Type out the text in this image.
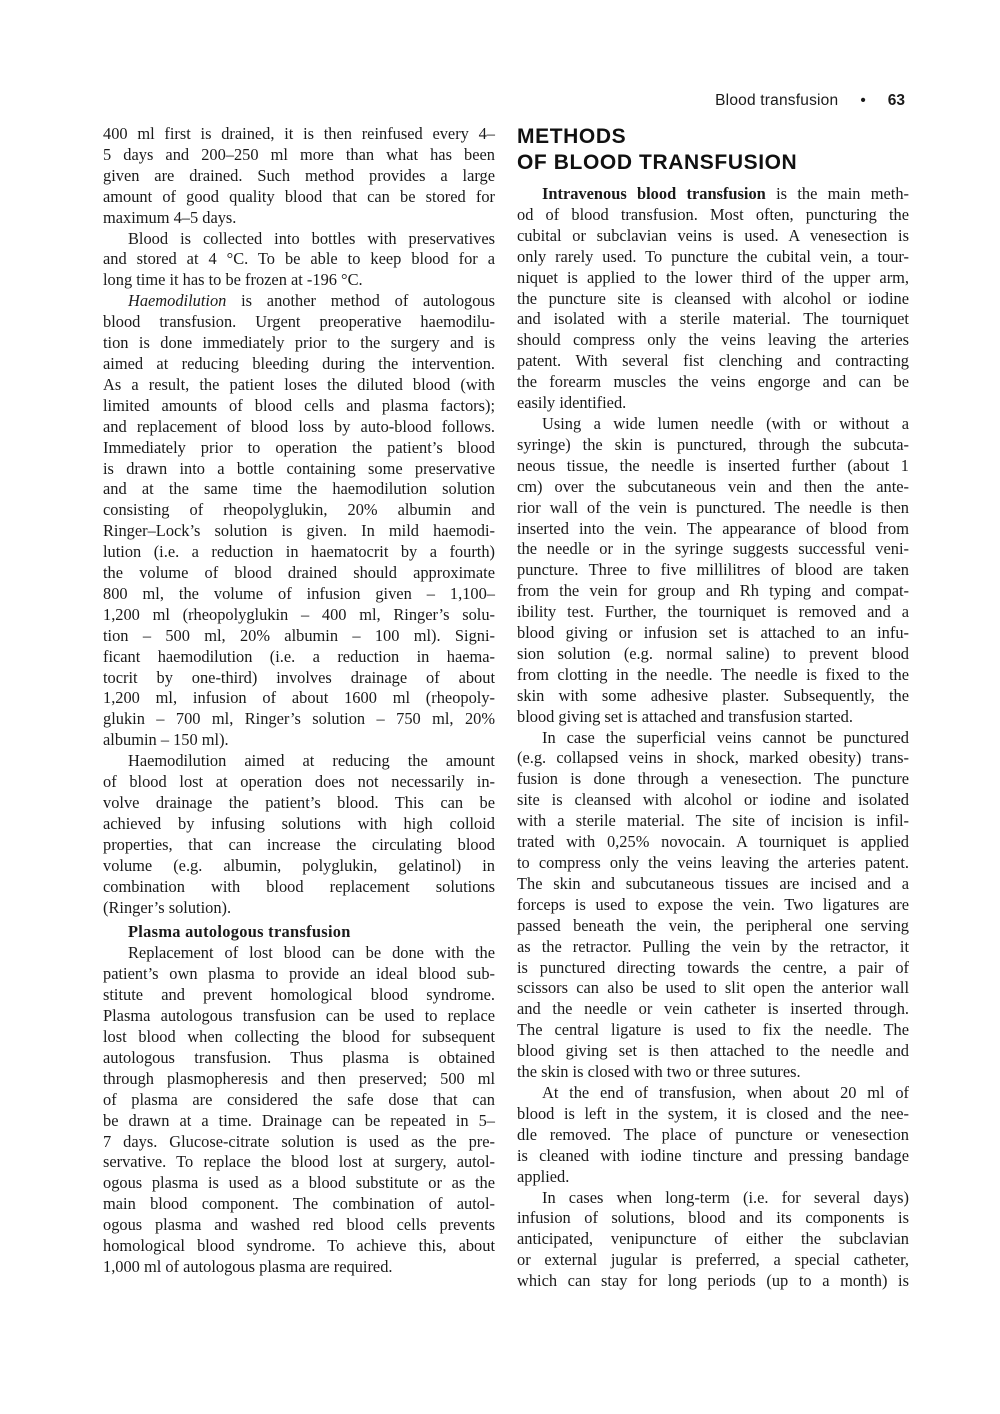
Blood transfusion • 63
METHODS
OF BLOOD TRANSFUSION
400 ml first is drained, it is then reinfused every 4–
5 days and 200–250 ml more than what has been
given are drained. Such method provides a large
amount of good quality blood that can be stored for
maximum 4–5 days.
Blood is collected into bottles with preservatives
and stored at 4 °C. To be able to keep blood for a
long time it has to be frozen at -196 °C.
Haemodilution is another method of autologous
blood transfusion. Urgent preoperative haemodilu-
tion is done immediately prior to the surgery and is
aimed at reducing bleeding during the intervention.
As a result, the patient loses the diluted blood (with
limited amounts of blood cells and plasma factors);
and replacement of blood loss by auto-blood follows.
Immediately prior to operation the patient’s blood
is drawn into a bottle containing some preservative
and at the same time the haemodilution solution
consisting of rheopolyglukin, 20% albumin and
Ringer–Lock’s solution is given. In mild haemodi-
lution (i.e. a reduction in haematocrit by a fourth)
the volume of blood drained should approximate
800 ml, the volume of infusion given – 1,100–
1,200 ml (rheopolyglukin – 400 ml, Ringer’s solu-
tion – 500 ml, 20% albumin – 100 ml). Signi-
ficant haemodilution (i.e. a reduction in haema-
tocrit by one-third) involves drainage of about
1,200 ml, infusion of about 1600 ml (rheopoly-
glukin – 700 ml, Ringer’s solution – 750 ml, 20%
albumin – 150 ml).
Haemodilution aimed at reducing the amount
of blood lost at operation does not necessarily in-
volve drainage the patient’s blood. This can be
achieved by infusing solutions with high colloid
properties, that can increase the circulating blood
volume (e.g. albumin, polyglukin, gelatinol) in
combination with blood replacement solutions
(Ringer’s solution).
Plasma autologous transfusion
Replacement of lost blood can be done with the
patient’s own plasma to provide an ideal blood sub-
stitute and prevent homological blood syndrome.
Plasma autologous transfusion can be used to replace
lost blood when collecting the blood for subsequent
autologous transfusion. Thus plasma is obtained
through plasmopheresis and then preserved; 500 ml
of plasma are considered the safe dose that can
be drawn at a time. Drainage can be repeated in 5–
7 days. Glucose-citrate solution is used as the pre-
servative. To replace the blood lost at surgery, autol-
ogous plasma is used as a blood substitute or as the
main blood component. The combination of autol-
ogous plasma and washed red blood cells prevents
homological blood syndrome. To achieve this, about
1,000 ml of autologous plasma are required.
Intravenous blood transfusion is the main meth-
od of blood transfusion. Most often, puncturing the
cubital or subclavian veins is used. A venesection is
only rarely used. To puncture the cubital vein, a tour-
niquet is applied to the lower third of the upper arm,
the puncture site is cleansed with alcohol or iodine
and isolated with a sterile material. The tourniquet
should compress only the veins leaving the arteries
patent. With several fist clenching and contracting
the forearm muscles the veins engorge and can be
easily identified.
Using a wide lumen needle (with or without a
syringe) the skin is punctured, through the subcuta-
neous tissue, the needle is inserted further (about 1
cm) over the subcutaneous vein and then the ante-
rior wall of the vein is punctured. The needle is then
inserted into the vein. The appearance of blood from
the needle or in the syringe suggests successful veni-
puncture. Three to five millilitres of blood are taken
from the vein for group and Rh typing and compat-
ibility test. Further, the tourniquet is removed and a
blood giving or infusion set is attached to an infu-
sion solution (e.g. normal saline) to prevent blood
from clotting in the needle. The needle is fixed to the
skin with some adhesive plaster. Subsequently, the
blood giving set is attached and transfusion started.
In case the superficial veins cannot be punctured
(e.g. collapsed veins in shock, marked obesity) trans-
fusion is done through a venesection. The puncture
site is cleansed with alcohol or iodine and isolated
with a sterile material. The site of incision is infil-
trated with 0,25% novocain. A tourniquet is applied
to compress only the veins leaving the arteries patent.
The skin and subcutaneous tissues are incised and a
forceps is used to expose the vein. Two ligatures are
passed beneath the vein, the peripheral one serving
as the retractor. Pulling the vein by the retractor, it
is punctured directing towards the centre, a pair of
scissors can also be used to slit open the anterior wall
and the needle or vein catheter is inserted through.
The central ligature is used to fix the needle. The
blood giving set is then attached to the needle and
the skin is closed with two or three sutures.
At the end of transfusion, when about 20 ml of
blood is left in the system, it is closed and the nee-
dle removed. The place of puncture or venesection
is cleaned with iodine tincture and pressing bandage
applied.
In cases when long-term (i.e. for several days)
infusion of solutions, blood and its components is
anticipated, venipuncture of either the subclavian
or external jugular is preferred, a special catheter,
which can stay for long periods (up to a month) is
